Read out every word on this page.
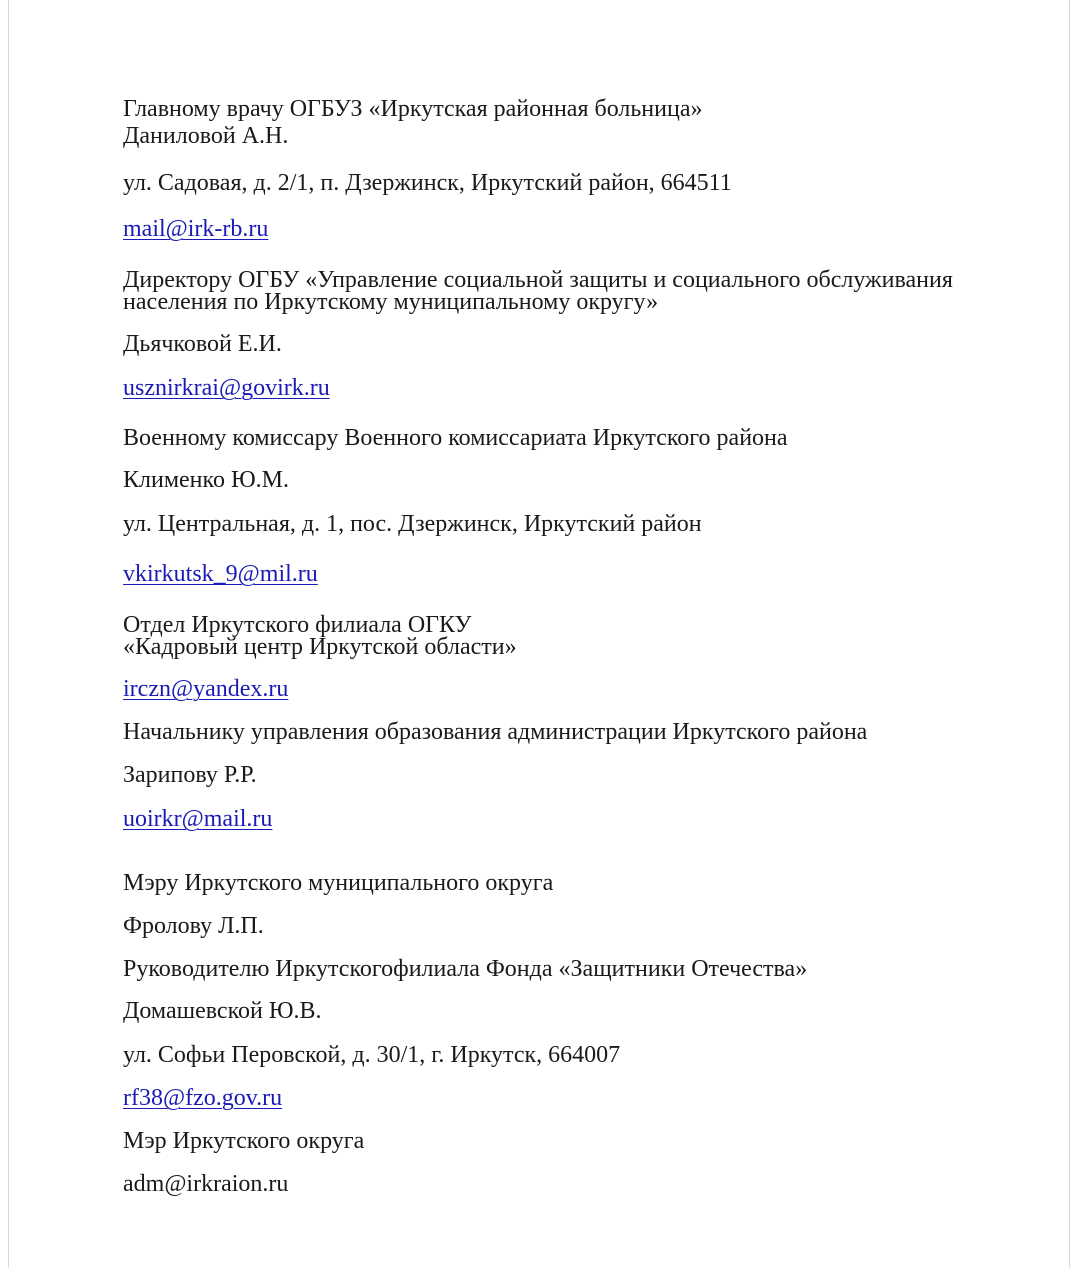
Главному врачу ОГБУЗ «Иркутская районная больница»

Даниловой А.Н.

ул. Садовая, д. 2/1, п. Дзержинск, Иркутский район, 664511

mail@irk-rb.ru

Директору ОГБУ «Управление социальной защиты и социального обслуживания

населения по Иркутскому муниципальному округу»

Дьячковой Е.И.

usznirkrai@govirk.ru

Военному комиссару Военного комиссариата Иркутского района

Клименко Ю.М.

ул. Центральная, д. 1, пос. Дзержинск, Иркутский район

vkirkutsk_9@mil.ru

Отдел Иркутского филиала ОГКУ

«Кадровый центр Иркутской области»

irczn@yandex.ru

Начальнику управления образования администрации Иркутского района

Зарипову Р.Р.

uoirkr@mail.ru

Мэру Иркутского муниципального округа

Фролову Л.П.

Руководителю Иркутскогофилиала Фонда «Защитники Отечества»

Домашевской Ю.В.

ул. Софьи Перовской, д. 30/1, г. Иркутск, 664007

rf38@fzo.gov.ru

Мэр Иркутского округа

adm@irkraion.ru
